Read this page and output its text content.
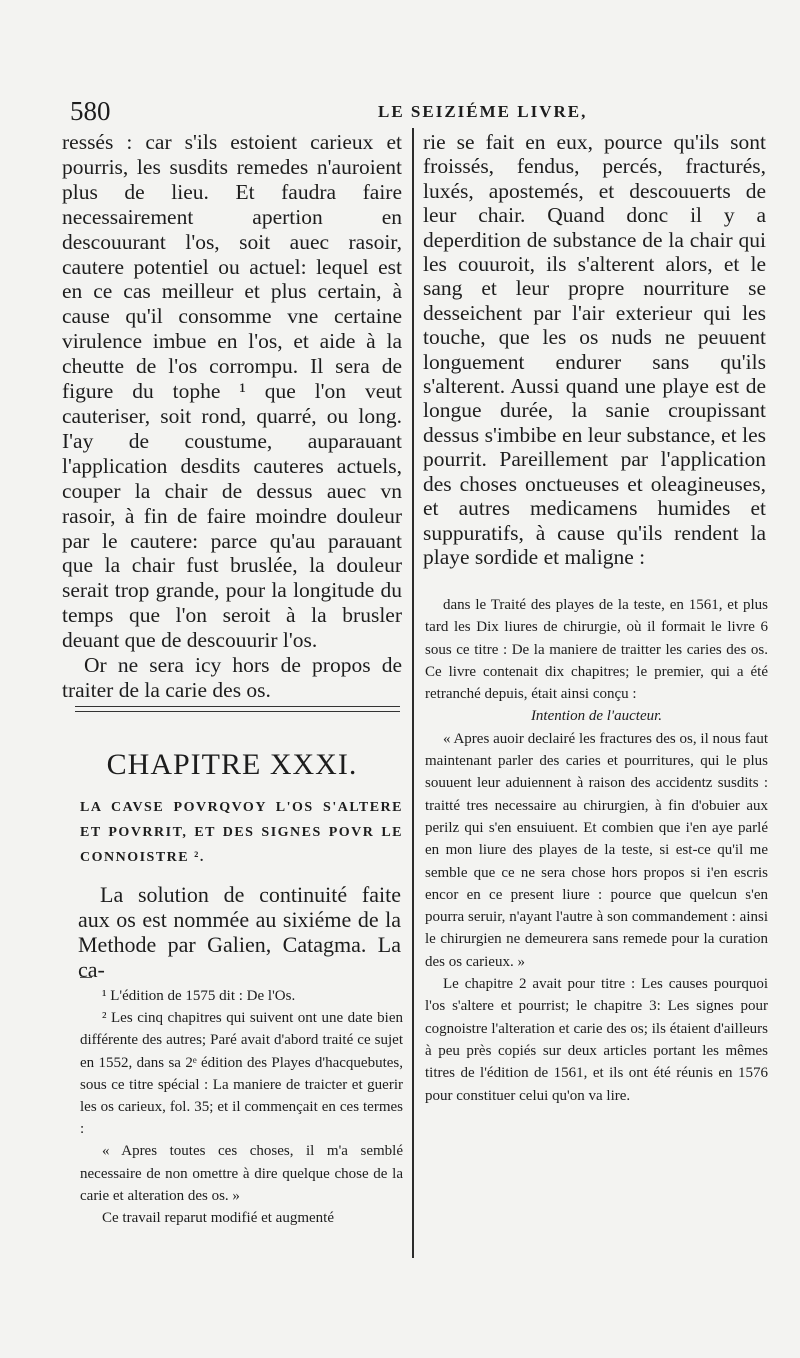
580	LE SEIZIÉME LIVRE,

ressés : car s'ils estoient carieux et pourris, les susdits remedes n'auroient plus de lieu. Et faudra faire necessairement apertion en descouurant l'os, soit auec rasoir, cautere potentiel ou actuel: lequel est en ce cas meilleur et plus certain, à cause qu'il consomme vne certaine virulence imbue en l'os, et aide à la cheutte de l'os corrompu. Il sera de figure du tophe ¹ que l'on veut cauteriser, soit rond, quarré, ou long. I'ay de coustume, auparauant l'application desdits cauteres actuels, couper la chair de dessus auec vn rasoir, à fin de faire moindre douleur par le cautere: parce qu'au parauant que la chair fust bruslée, la douleur serait trop grande, pour la longitude du temps que l'on seroit à la brusler deuant que de descouurir l'os.

Or ne sera icy hors de propos de traiter de la carie des os.

CHAPITRE XXXI.
LA CAVSE POVRQVOY L'OS S'ALTERE ET POVRRIT, ET DES SIGNES POVR LE CONNOISTRE ².
La solution de continuité faite aux os est nommée au sixiéme de la Methode par Galien, Catagma. La ca-

¹ L'édition de 1575 dit : De l'Os.

² Les cinq chapitres qui suivent ont une date bien différente des autres; Paré avait d'abord traité ce sujet en 1552, dans sa 2ᵉ édition des Playes d'hacquebutes, sous ce titre spécial : La maniere de traicter et guerir les os carieux, fol. 35; et il commençait en ces termes :

« Apres toutes ces choses, il m'a semblé necessaire de non omettre à dire quelque chose de la carie et alteration des os. »

Ce travail reparut modifié et augmenté

rie se fait en eux, pource qu'ils sont froissés, fendus, percés, fracturés, luxés, apostemés, et descouuerts de leur chair. Quand donc il y a deperdition de substance de la chair qui les couuroit, ils s'alterent alors, et le sang et leur propre nourriture se desseichent par l'air exterieur qui les touche, que les os nuds ne peuuent longuement endurer sans qu'ils s'alterent. Aussi quand une playe est de longue durée, la sanie croupissant dessus s'imbibe en leur substance, et les pourrit. Pareillement par l'application des choses onctueuses et oleagineuses, et autres medicamens humides et suppuratifs, à cause qu'ils rendent la playe sordide et maligne :

dans le Traité des playes de la teste, en 1561, et plus tard les Dix liures de chirurgie, où il formait le livre 6 sous ce titre : De la maniere de traitter les caries des os. Ce livre contenait dix chapitres; le premier, qui a été retranché depuis, était ainsi conçu :

Intention de l'aucteur.

« Apres auoir declairé les fractures des os, il nous faut maintenant parler des caries et pourritures, qui le plus souuent leur aduiennent à raison des accidentz susdits : traitté tres necessaire au chirurgien, à fin d'obuier aux perilz qui s'en ensuiuent. Et combien que i'en aye parlé en mon liure des playes de la teste, si est-ce qu'il me semble que ce ne sera chose hors propos si i'en escris encor en ce present liure : pource que quelcun s'en pourra seruir, n'ayant l'autre à son commandement : ainsi le chirurgien ne demeurera sans remede pour la curation des os carieux. »

Le chapitre 2 avait pour titre : Les causes pourquoi l'os s'altere et pourrist; le chapitre 3: Les signes pour cognoistre l'alteration et carie des os; ils étaient d'ailleurs à peu près copiés sur deux articles portant les mêmes titres de l'édition de 1561, et ils ont été réunis en 1576 pour constituer celui qu'on va lire.
